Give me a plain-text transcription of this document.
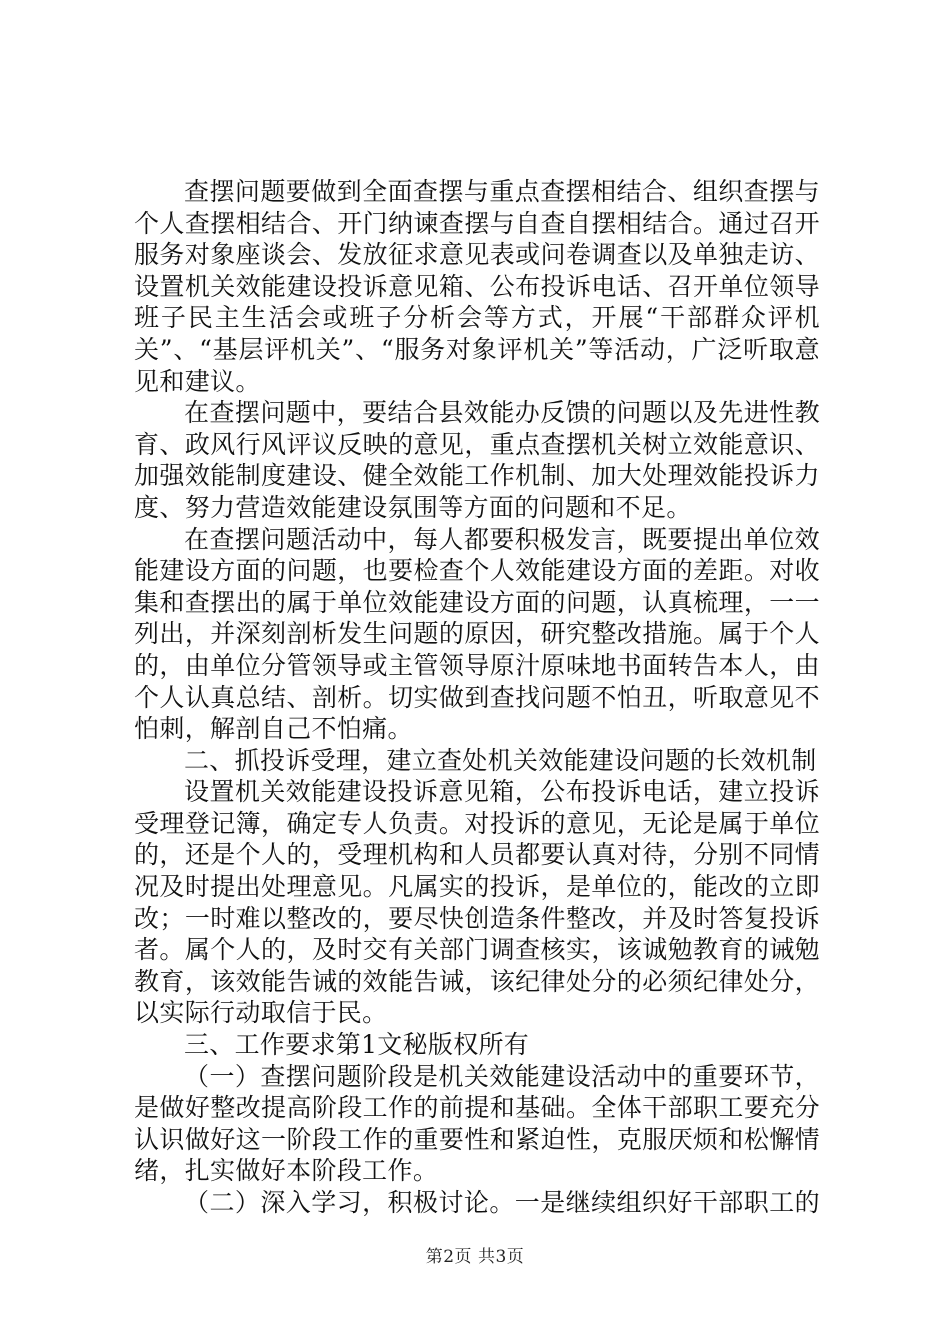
查摆问题要做到全面查摆与重点查摆相结合、组织查摆与个人查摆相结合、开门纳谏查摆与自查自摆相结合。通过召开服务对象座谈会、发放征求意见表或问卷调查以及单独走访、设置机关效能建设投诉意见箱、公布投诉电话、召开单位领导班子民主生活会或班子分析会等方式，开展“干部群众评机关”、“基层评机关”、“服务对象评机关”等活动，广泛听取意见和建议。

在查摆问题中，要结合县效能办反馈的问题以及先进性教育、政风行风评议反映的意见，重点查摆机关树立效能意识、加强效能制度建设、健全效能工作机制、加大处理效能投诉力度、努力营造效能建设氛围等方面的问题和不足。

在查摆问题活动中，每人都要积极发言，既要提出单位效能建设方面的问题，也要检查个人效能建设方面的差距。对收集和查摆出的属于单位效能建设方面的问题，认真梳理，一一列出，并深刻剖析发生问题的原因，研究整改措施。属于个人的，由单位分管领导或主管领导原汁原味地书面转告本人，由个人认真总结、剖析。切实做到查找问题不怕丑，听取意见不怕刺，解剖自己不怕痛。

二、抓投诉受理，建立查处机关效能建设问题的长效机制

设置机关效能建设投诉意见箱，公布投诉电话，建立投诉受理登记簿，确定专人负责。对投诉的意见，无论是属于单位的，还是个人的，受理机构和人员都要认真对待，分别不同情况及时提出处理意见。凡属实的投诉，是单位的，能改的立即改；一时难以整改的，要尽快创造条件整改，并及时答复投诉者。属个人的，及时交有关部门调查核实，该诚勉教育的诫勉教育，该效能告诫的效能告诫，该纪律处分的必须纪律处分，以实际行动取信于民。

三、工作要求第1文秘版权所有

（一）查摆问题阶段是机关效能建设活动中的重要环节，是做好整改提高阶段工作的前提和基础。全体干部职工要充分认识做好这一阶段工作的重要性和紧迫性，克服厌烦和松懈情绪，扎实做好本阶段工作。

（二）深入学习，积极讨论。一是继续组织好干部职工的

第2页 共3页
